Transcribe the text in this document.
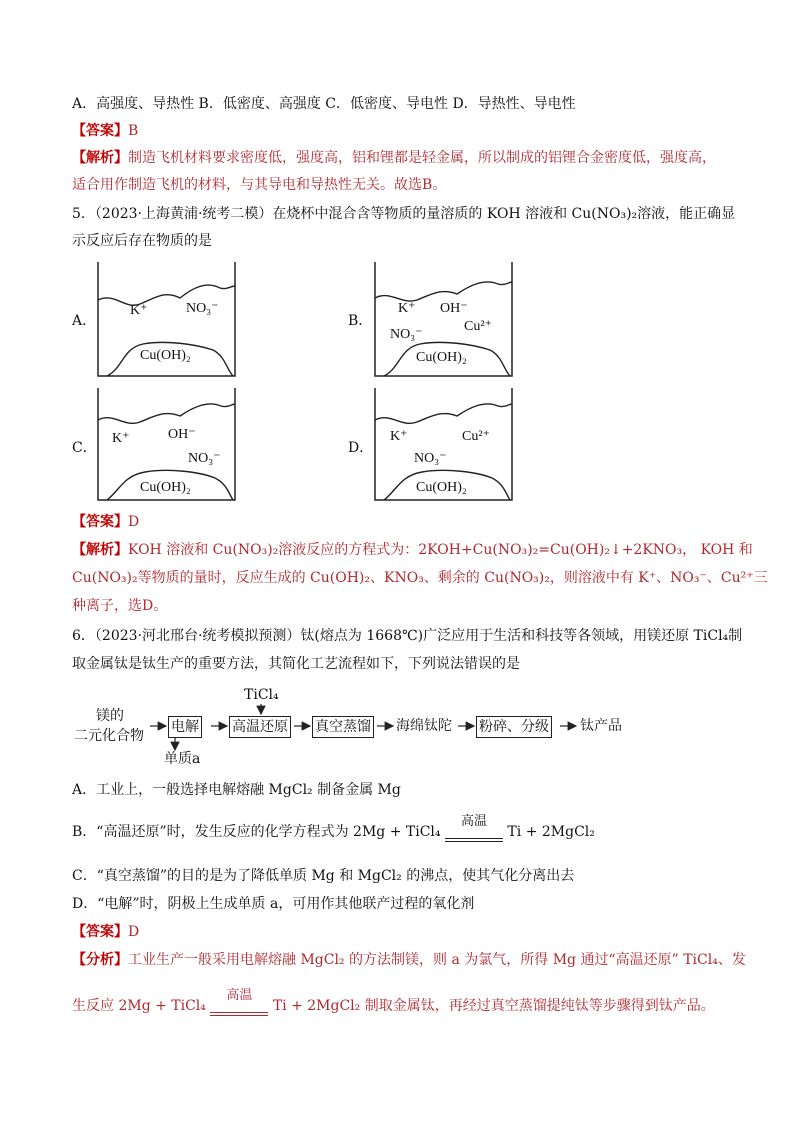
A．高强度、导热性 B．低密度、高强度 C．低密度、导电性 D．导热性、导电性
【答案】B
【解析】制造飞机材料要求密度低，强度高，铝和锂都是轻金属，所以制成的铝锂合金密度低，强度高，
适合用作制造飞机的材料，与其导电和导热性无关。故选B。
5．（2023·上海黄浦·统考二模）在烧杯中混合含等物质的量溶质的 KOH 溶液和 Cu(NO₃)₂溶液，能正确显
示反应后存在物质的是
A．
K⁺	NO₃⁻
Cu(OH)₂
B．
K⁺ OH⁻
NO₃⁻
Cu²⁺
Cu(OH)₂
C．
K⁺	OH⁻
NO₃⁻
Cu(OH)₂
D．
K⁺	Cu²⁺
NO₃⁻
Cu(OH)₂
【答案】D
【解析】KOH 溶液和 Cu(NO₃)₂溶液反应的方程式为：2KOH+Cu(NO₃)₂=Cu(OH)₂↓+2KNO₃， KOH 和
Cu(NO₃)₂等物质的量时，反应生成的 Cu(OH)₂、KNO₃、剩余的 Cu(NO₃)₂，则溶液中有 K⁺、NO₃⁻、Cu²⁺三
种离子，选D。
6．（2023·河北邢台·统考模拟预测）钛(熔点为 1668℃)广泛应用于生活和科技等各领域，用镁还原 TiCl₄制
取金属钛是钛生产的重要方法，其简化工艺流程如下，下列说法错误的是
镁的
二元化合物
电解
单质a
TiCl₄
高温还原 真空蒸馏 海绵钛陀 粉碎、分级 钛产品
A．工业上，一般选择电解熔融 MgCl₂ 制备金属 Mg
B．“高温还原”时，发生反应的化学方程式为 2Mg + TiCl₄
高温
Ti + 2MgCl₂
C．“真空蒸馏”的目的是为了降低单质 Mg 和 MgCl₂ 的沸点，使其气化分离出去
D．“电解”时，阴极上生成单质 a，可用作其他联产过程的氧化剂
【答案】D
【分析】工业生产一般采用电解熔融 MgCl₂ 的方法制镁，则 a 为氯气，所得 Mg 通过“高温还原” TiCl₄、发
生反应 2Mg + TiCl₄
高温
Ti + 2MgCl₂ 制取金属钛，再经过真空蒸馏提纯钛等步骤得到钛产品。
